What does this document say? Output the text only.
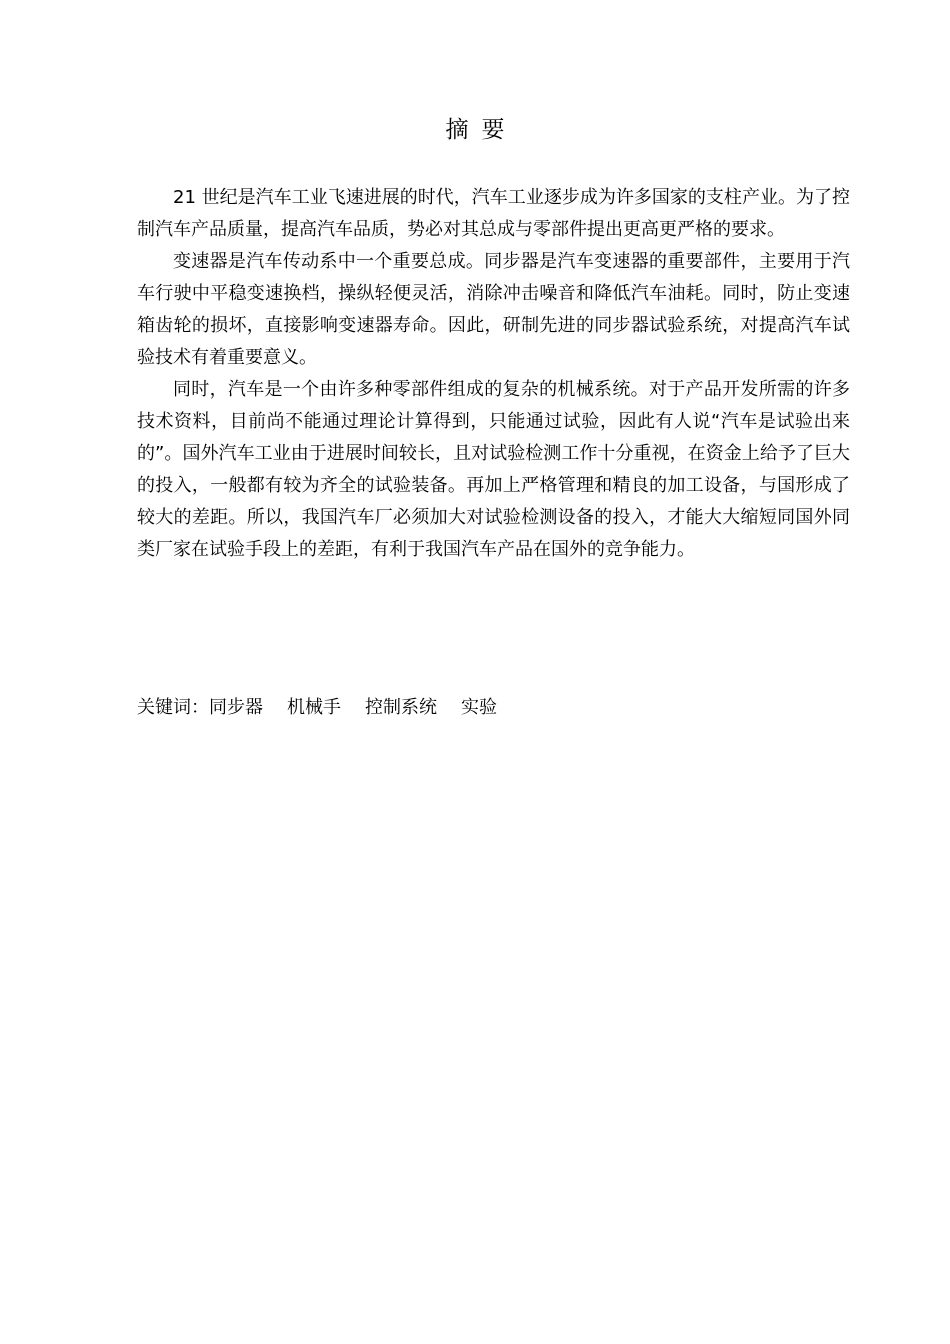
摘要

21 世纪是汽车工业飞速进展的时代，汽车工业逐步成为许多国家的支柱产业。为了控制汽车产品质量，提高汽车品质，势必对其总成与零部件提出更高更严格的要求。

变速器是汽车传动系中一个重要总成。同步器是汽车变速器的重要部件，主要用于汽车行驶中平稳变速换档，操纵轻便灵活，消除冲击噪音和降低汽车油耗。同时，防止变速箱齿轮的损坏，直接影响变速器寿命。因此，研制先进的同步器试验系统，对提高汽车试验技术有着重要意义。

同时，汽车是一个由许多种零部件组成的复杂的机械系统。对于产品开发所需的许多技术资料，目前尚不能通过理论计算得到，只能通过试验，因此有人说“汽车是试验出来的”。国外汽车工业由于进展时间较长，且对试验检测工作十分重视，在资金上给予了巨大的投入，一般都有较为齐全的试验装备。再加上严格管理和精良的加工设备，与国形成了较大的差距。所以，我国汽车厂必须加大对试验检测设备的投入，才能大大缩短同国外同类厂家在试验手段上的差距，有利于我国汽车产品在国外的竞争能力。

关键词：同步器 机械手 控制系统 实验
